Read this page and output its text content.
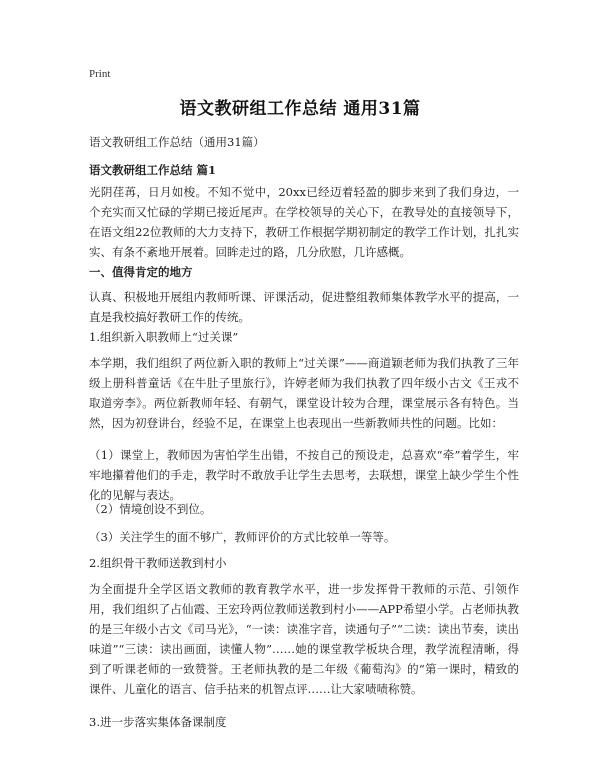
Print
语文教研组工作总结 通用31篇
语文教研组工作总结（通用31篇）
语文教研组工作总结 篇1
光阴荏苒，日月如梭。不知不觉中，20xx已经迈着轻盈的脚步来到了我们身边，一个充实而又忙碌的学期已接近尾声。在学校领导的关心下，在教导处的直接领导下，在语文组22位教师的大力支持下，教研工作根据学期初制定的教学工作计划，扎扎实实、有条不紊地开展着。回眸走过的路，几分欣慰，几许感概。
一、值得肯定的地方
认真、积极地开展组内教师听课、评课活动，促进整组教师集体教学水平的提高，一直是我校搞好教研工作的传统。
1.组织新入职教师上“过关课”
本学期，我们组织了两位新入职的教师上“过关课”——商道颖老师为我们执教了三年级上册科普童话《在牛肚子里旅行》，许婷老师为我们执教了四年级小古文《王戎不取道旁李》。两位新教师年轻、有朝气，课堂设计较为合理，课堂展示各有特色。当然，因为初登讲台，经验不足，在课堂上也表现出一些新教师共性的问题。比如：
（1）课堂上，教师因为害怕学生出错，不按自己的预设走，总喜欢“牵”着学生，牢牢地攥着他们的手走，教学时不敢放手让学生去思考，去联想，课堂上缺少学生个性化的见解与表达。
（2）情境创设不到位。
（3）关注学生的面不够广，教师评价的方式比较单一等等。
2.组织骨干教师送教到村小
为全面提升全学区语文教师的教育教学水平，进一步发挥骨干教师的示范、引领作用，我们组织了占仙霞、王宏玲两位教师送教到村小——APP希望小学。占老师执教的是三年级小古文《司马光》，“一读：读准字音，读通句子”“二读：读出节奏，读出味道”“三读：读出画面，读懂人物”……她的课堂教学板块合理，教学流程清晰，得到了听课老师的一致赞誉。王老师执教的是二年级《葡萄沟》的“第一课时，精致的课件、儿童化的语言、信手拈来的机智点评……让大家啧啧称赞。
3.进一步落实集体备课制度
